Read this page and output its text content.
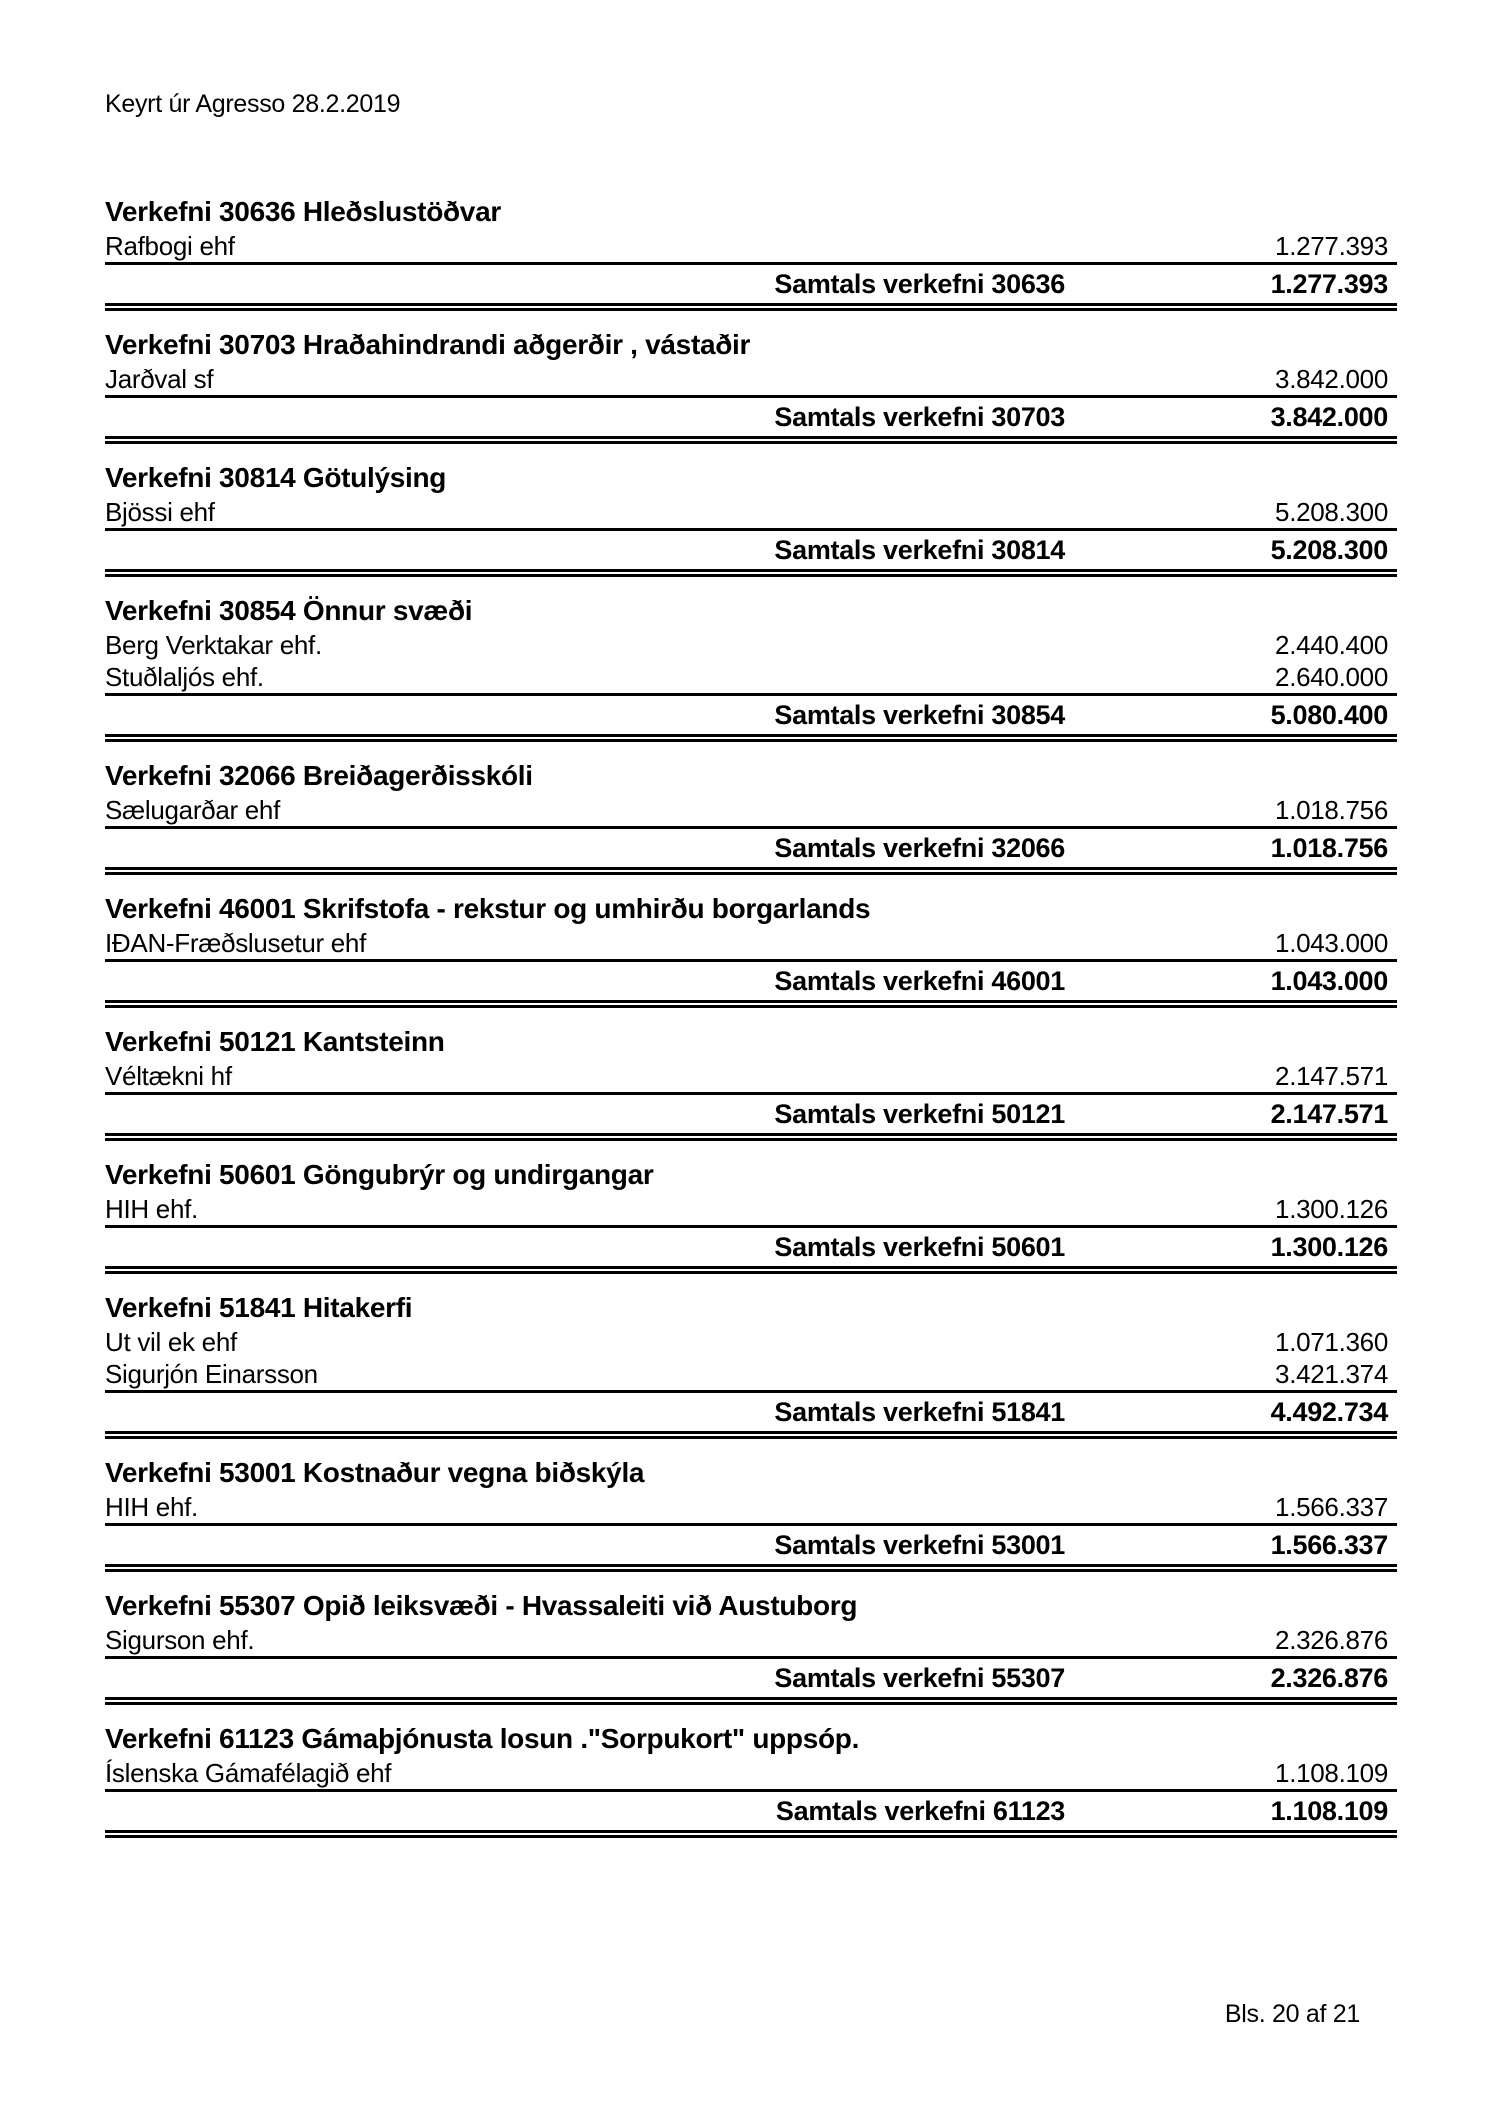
Keyrt úr Agresso 28.2.2019
Verkefni 30636 Hleðslustöðvar
Rafbogi ehf	1.277.393
Samtals verkefni 30636	1.277.393
Verkefni 30703 Hraðahindrandi aðgerðir , vástaðir
Jarðval sf	3.842.000
Samtals verkefni 30703	3.842.000
Verkefni 30814 Götulýsing
Bjössi ehf	5.208.300
Samtals verkefni 30814	5.208.300
Verkefni 30854 Önnur svæði
Berg Verktakar ehf.	2.440.400
Stuðlaljós ehf.	2.640.000
Samtals verkefni 30854	5.080.400
Verkefni 32066 Breiðagerðisskóli
Sælugarðar ehf	1.018.756
Samtals verkefni 32066	1.018.756
Verkefni 46001 Skrifstofa - rekstur og umhirðu borgarlands
IÐAN-Fræðslusetur ehf	1.043.000
Samtals verkefni 46001	1.043.000
Verkefni 50121 Kantsteinn
Véltækni hf	2.147.571
Samtals verkefni 50121	2.147.571
Verkefni 50601 Göngubrýr og undirgangar
HIH ehf.	1.300.126
Samtals verkefni 50601	1.300.126
Verkefni 51841 Hitakerfi
Ut vil ek ehf	1.071.360
Sigurjón Einarsson	3.421.374
Samtals verkefni 51841	4.492.734
Verkefni 53001 Kostnaður vegna biðskýla
HIH ehf.	1.566.337
Samtals verkefni 53001	1.566.337
Verkefni 55307 Opið leiksvæði - Hvassaleiti við Austuborg
Sigurson ehf.	2.326.876
Samtals verkefni 55307	2.326.876
Verkefni 61123 Gámaþjónusta losun ."Sorpukort" uppsóp.
Íslenska Gámafélagið ehf	1.108.109
Samtals verkefni 61123	1.108.109
Bls. 20 af 21
